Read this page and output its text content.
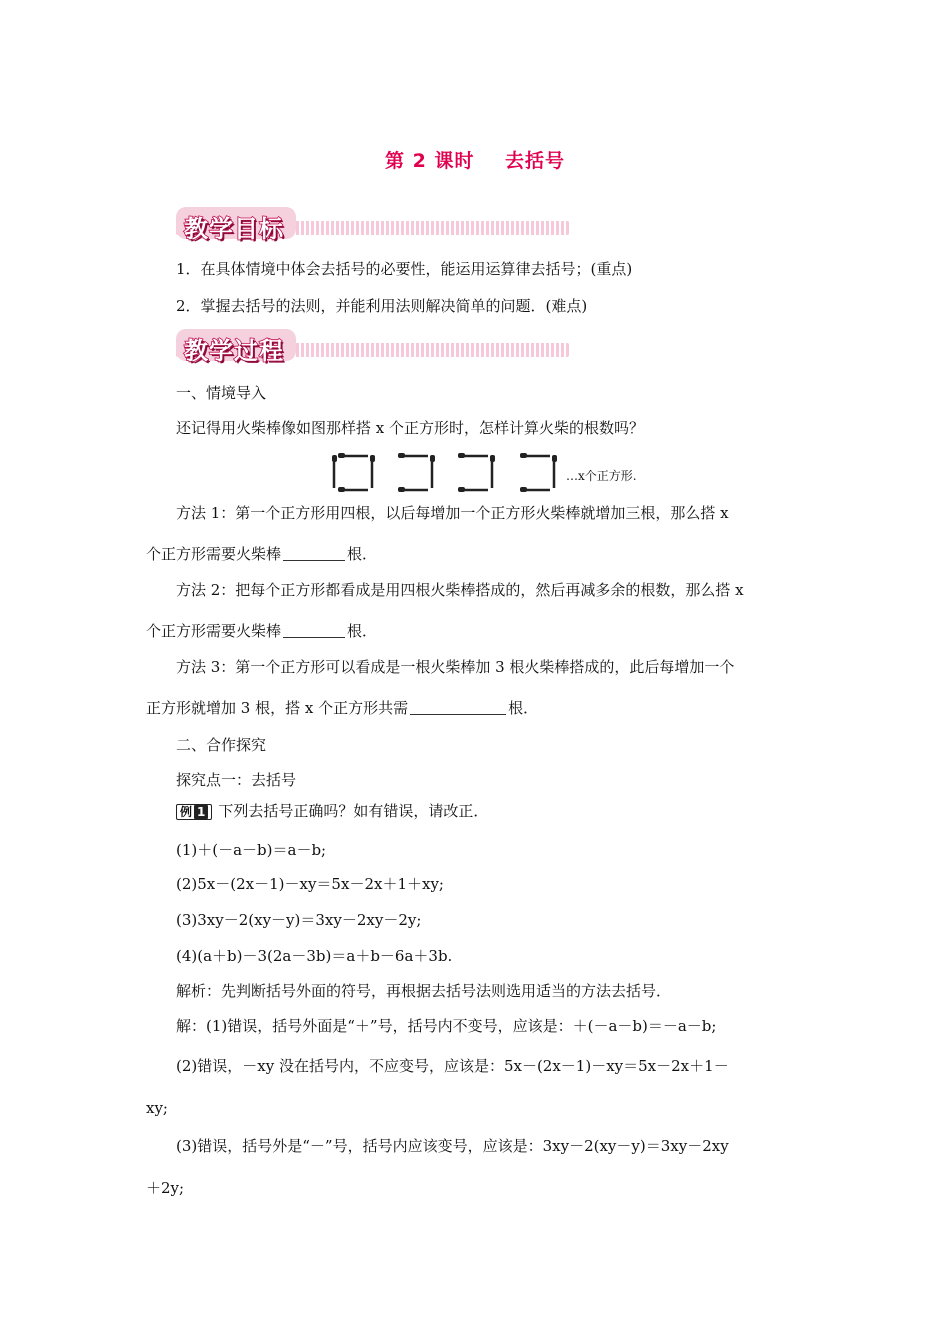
第 2 课时    去括号
教学目标
1．在具体情境中体会去括号的必要性，能运用运算律去括号；(重点)
2．掌握去括号的法则，并能利用法则解决简单的问题．(难点)
教学过程
一、情境导入
还记得用火柴棒像如图那样搭 x 个正方形时，怎样计算火柴的根数吗？
…x个正方形.
方法 1：第一个正方形用四根，以后每增加一个正方形火柴棒就增加三根，那么搭 x
个正方形需要火柴棒	根．
方法 2：把每个正方形都看成是用四根火柴棒搭成的，然后再减多余的根数，那么搭 x
个正方形需要火柴棒	根．
方法 3：第一个正方形可以看成是一根火柴棒加 3 根火柴棒搭成的，此后每增加一个
正方形就增加 3 根，搭 x 个正方形共需	根．
二、合作探究
探究点一：去括号
例 1 下列去括号正确吗？如有错误，请改正．
(1)＋(－a－b)＝a－b;
(2)5x－(2x－1)－xy＝5x－2x＋1＋xy;
(3)3xy－2(xy－y)＝3xy－2xy－2y;
(4)(a＋b)－3(2a－3b)＝a＋b－6a＋3b.
解析：先判断括号外面的符号，再根据去括号法则选用适当的方法去括号．
解：(1)错误，括号外面是“＋”号，括号内不变号，应该是：＋(－a－b)＝－a－b;
(2)错误，－xy 没在括号内，不应变号，应该是：5x－(2x－1)－xy＝5x－2x＋1－
xy;
(3)错误，括号外是“－”号，括号内应该变号，应该是：3xy－2(xy－y)＝3xy－2xy
＋2y;
